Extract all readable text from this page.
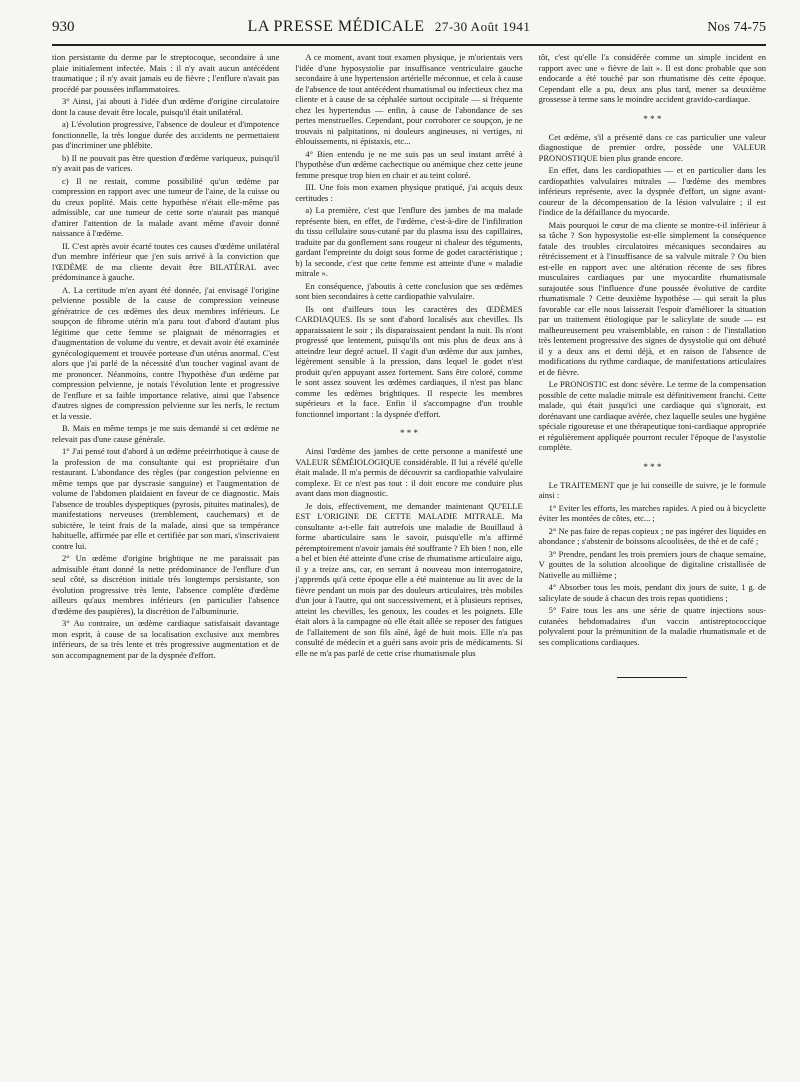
930	LA PRESSE MÉDICALE 27-30 Août 1941	Nos 74-75

tion persistante du derme par le streptocoque, secondaire à une plaie initialement infectée. Mais : il n'y avait aucun antécédent traumatique ; il n'y avait jamais eu de fièvre ; l'enflure n'avait pas procédé par poussées inflammatoires.

3° Ainsi, j'ai abouti à l'idée d'un œdème d'origine circulatoire dont la cause devait être locale, puisqu'il était unilatéral.

a) L'évolution progressive, l'absence de douleur et d'impotence fonctionnelle, la très longue durée des accidents ne permettaient pas d'incriminer une phlébite.

b) Il ne pouvait pas être question d'œdème variqueux, puisqu'il n'y avait pas de varices.

c) Il ne restait, comme possibilité qu'un œdème par compression en rapport avec une tumeur de l'aine, de la cuisse ou du creux poplité. Mais cette hypothèse n'était elle-même pas admissible, car une tumeur de cette sorte n'aurait pas manqué d'attirer l'attention de la malade avant même d'avoir donné naissance à l'œdème.

II. C'est après avoir écarté toutes ces causes d'œdème unilatéral d'un membre inférieur que j'en suis arrivé à la conviction que l'ŒDÈME de ma cliente devait être BILATÉRAL avec prédominance à gauche.

A. La certitude m'en ayant été donnée, j'ai envisagé l'origine pelvienne possible de la cause de compression veineuse génératrice de ces œdèmes des deux membres inférieurs. Le soupçon de fibrome utérin m'a paru tout d'abord d'autant plus légitime que cette femme se plaignait de ménorragies et d'augmentation de volume du ventre, et devait avoir été examinée gynécologiquement et trouvée porteuse d'un utérus anormal. C'est alors que j'ai parlé de la nécessité d'un toucher vaginal avant de me prononcer. Néanmoins, contre l'hypothèse d'un œdème par compression pelvienne, je notais l'évolution lente et progressive de l'enflure et sa faible importance relative, ainsi que l'absence d'autres signes de compression pelvienne sur les nerfs, le rectum et la vessie.

B. Mais en même temps je me suis demandé si cet œdème ne relevait pas d'une cause générale.

1° J'ai pensé tout d'abord à un œdème préeirrhotique à cause de la profession de ma consultante qui est propriétaire d'un restaurant. L'abondance des règles (par congestion pelvienne en même temps que par dyscrasie sanguine) et l'augmentation de volume de l'abdomen plaidaient en faveur de ce diagnostic. Mais l'absence de troubles dyspeptiques (pyrosis, pituites matinales), de manifestations nerveuses (tremblement, cauchemars) et de subictère, le teint frais de la malade, ainsi que sa tempérance habituelle, affirmée par elle et certifiée par son mari, s'inscrivaient contre lui.

2° Un œdème d'origine brightique ne me paraissait pas admissible étant donné la nette prédominance de l'enflure d'un seul côté, sa discrétion initiale très longtemps persistante, son évolution progressive très lente, l'absence complète d'œdème ailleurs qu'aux membres inférieurs (en particulier l'absence d'œdème des paupières), la discrétion de l'albuminurie.

3° Au contraire, un œdème cardiaque satisfaisait davantage mon esprit, à cause de sa localisation exclusive aux membres inférieurs, de sa très lente et très progressive augmentation et de son accompagnement par de la dyspnée d'effort.

A ce moment, avant tout examen physique, je m'orientais vers l'idée d'une hyposystolie par insuffisance ventriculaire gauche secondaire à une hypertension artérielle méconnue, et cela à cause de l'absence de tout antécédent rhumatismal ou infectieux chez ma cliente et à cause de sa céphalée surtout occipitale — si fréquente chez les hypertendus — enfin, à cause de l'abondance de ses pertes menstruelles. Cependant, pour corroborer ce soupçon, je ne trouvais ni palpitations, ni douleurs angineuses, ni vertiges, ni éblouissements, ni épistaxis, etc...

4° Bien entendu je ne me suis pas un seul instant arrêté à l'hypothèse d'un œdème cachectique ou anémique chez cette jeune femme presque trop bien en chair et au teint coloré.

III. Une fois mon examen physique pratiqué, j'ai acquis deux certitudes :

a) La première, c'est que l'enflure des jambes de ma malade représente bien, en effet, de l'œdème, c'est-à-dire de l'infiltration du tissu cellulaire sous-cutané par du plasma issu des capillaires, traduite par du gonflement sans rougeur ni chaleur des téguments, gardant l'empreinte du doigt sous forme de godet caractéristique ; b) la seconde, c'est que cette femme est atteinte d'une « maladie mitrale ».

En conséquence, j'aboutis à cette conclusion que ses œdèmes sont bien secondaires à cette cardiopathie valvulaire.

Ils ont d'ailleurs tous les caractères des ŒDÈMES CARDIAQUES. Ils se sont d'abord localisés aux chevilles. Ils apparaissaient le soir ; ils disparaissaient pendant la nuit. Ils n'ont progressé que lentement, puisqu'ils ont mis plus de deux ans à atteindre leur degré actuel. Il s'agit d'un œdème dur aux jambes, légèrement sensible à la pression, dans lequel le godet n'est produit qu'en appuyant assez fortement. Sans être coloré, comme le sont assez souvent les œdèmes cardiaques, il n'est pas blanc comme les œdèmes brightiques. Il respecte les membres supérieurs et la face. Enfin il s'accompagne d'un trouble fonctionnel important : la dyspnée d'effort.

* * *

Ainsi l'œdème des jambes de cette personne a manifesté une VALEUR SÉMÉIOLOGIQUE considérable. Il lui a révélé qu'elle était malade. Il m'a permis de découvrir sa cardiopathie valvulaire complexe. Et ce n'est pas tout : il doit encore me conduire plus avant dans mon diagnostic.

Je dois, effectivement, me demander maintenant QU'ELLE EST L'ORIGINE DE CETTE MALADIE MITRALE. Ma consultante a-t-elle fait autrefois une maladie de Bouillaud à forme abarticulaire sans le savoir, puisqu'elle m'a affirmé péremptoirement n'avoir jamais été souffrante ? Eh bien ! non, elle a bel et bien été atteinte d'une crise de rhumatisme articulaire aigu, il y a treize ans, car, en serrant à nouveau mon interrogatoire, j'apprends qu'à cette époque elle a été maintenue au lit avec de la fièvre pendant un mois par des douleurs articulaires, très mobiles d'un jour à l'autre, qui ont successivement, et à plusieurs reprises, atteint les chevilles, les genoux, les coudes et les poignets. Elle était alors à la campagne où elle était allée se reposer des fatigues de l'allaitement de son fils aîné, âgé de huit mois. Elle n'a pas consulté de médecin et a guéri sans avoir pris de médicaments. Si elle ne m'a pas parlé de cette crise rhumatismale plus

tôt, c'est qu'elle l'a considérée comme un simple incident en rapport avec une « fièvre de lait ». Il est donc probable que son endocarde a été touché par son rhumatisme dès cette époque. Cependant elle a pu, deux ans plus tard, mener sa deuxième grossesse à terme sans le moindre accident gravido-cardiaque.

* * *

Cet œdème, s'il a présenté dans ce cas particulier une valeur diagnostique de premier ordre, possède une VALEUR PRONOSTIQUE bien plus grande encore.

En effet, dans les cardiopathies — et en particulier dans les cardiopathies valvulaires mitrales — l'œdème des membres inférieurs représente, avec la dyspnée d'effort, un signe avant-coureur de la décompensation de la lésion valvulaire ; il est l'indice de la défaillance du myocarde.

Mais pourquoi le cœur de ma cliente se montre-t-il inférieur à sa tâche ? Son hyposystolie est-elle simplement la conséquence fatale des troubles circulatoires mécaniques secondaires au rétrécissement et à l'insuffisance de sa valvule mitrale ? Ou bien est-elle en rapport avec une altération récente de ses fibres musculaires cardiaques par une myocardite rhumatismale surajoutée sous l'influence d'une poussée évolutive de cardite rhumatismale ? Cette deuxième hypothèse — qui serait la plus favorable car elle nous laisserait l'espoir d'améliorer la situation par un traitement étiologique par le salicylate de soude — est malheureusement peu vraisemblable, en raison : de l'installation très lentement progressive des signes de dysystolie qui ont débuté il y a deux ans et demi déjà, et en raison de l'absence de modifications du rythme cardiaque, de manifestations articulaires et de fièvre.

Le PRONOSTIC est donc sévère. Le terme de la compensation possible de cette maladie mitrale est définitivement franchi. Cette malade, qui était jusqu'ici une cardiaque qui s'ignorait, est dorénavant une cardiaque avérée, chez laquelle seules une hygiène spéciale rigoureuse et une thérapeutique toni-cardiaque appropriée et régulièrement appliquée pourront reculer l'époque de l'asystolie complète.

* * *

Le TRAITEMENT que je lui conseille de suivre, je le formule ainsi :

1° Eviter les efforts, les marches rapides. A pied ou à bicyclette éviter les montées de côtes, etc... ;

2° Ne pas faire de repas copieux ; ne pas ingérer des liquides en abondance ; s'abstenir de boissons alcoolisées, de thé et de café ;

3° Prendre, pendant les trois premiers jours de chaque semaine, V gouttes de la solution alcoolique de digitaline cristallisée de Nativelle au millième ;

4° Absorber tous les mois, pendant dix jours de suite, 1 g. de salicylate de soude à chacun des trois repas quotidiens ;

5° Faire tous les ans une série de quatre injections sous-cutanées hebdomadaires d'un vaccin antistreptococcique polyvalent pour la prémunition de la maladie rhumatismale et de ses complications cardiaques.
